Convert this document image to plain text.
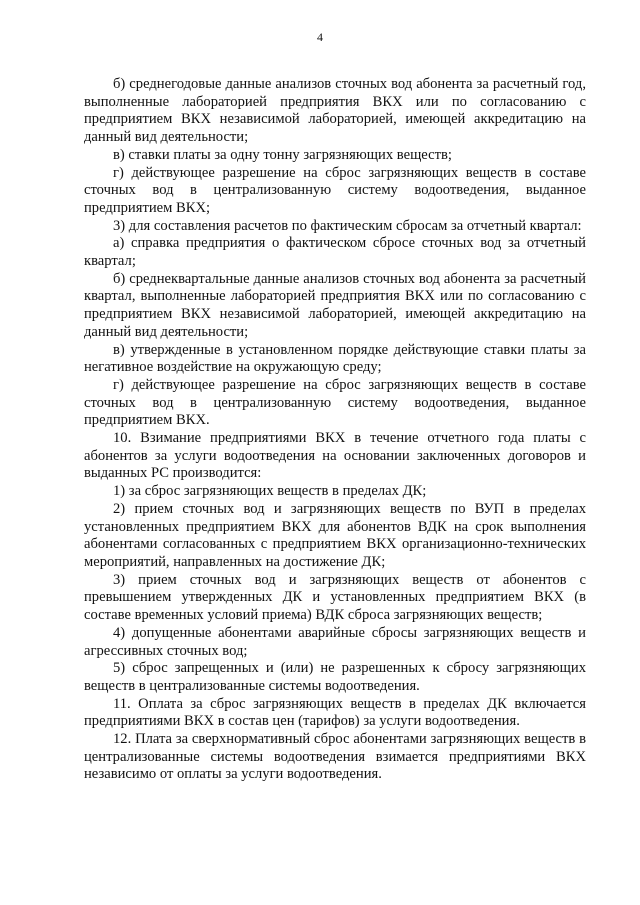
4

б) среднегодовые данные анализов сточных вод абонента за расчетный год, выполненные лабораторией предприятия ВКХ или по согласованию с предприятием ВКХ независимой лабораторией, имеющей аккредитацию на данный вид деятельности;

в) ставки платы за одну тонну загрязняющих веществ;

г) действующее разрешение на сброс загрязняющих веществ в составе сточных вод в централизованную систему водоотведения, выданное предприятием ВКХ;

3) для составления расчетов по фактическим сбросам за отчетный квартал:

а) справка предприятия о фактическом сбросе сточных вод за отчетный квартал;

б) среднеквартальные данные анализов сточных вод абонента за расчетный квартал, выполненные лабораторией предприятия ВКХ или по согласованию с предприятием ВКХ независимой лабораторией, имеющей аккредитацию на данный вид деятельности;

в) утвержденные в установленном порядке действующие ставки платы за негативное воздействие на окружающую среду;

г) действующее разрешение на сброс загрязняющих веществ в составе сточных вод в централизованную систему водоотведения, выданное предприятием ВКХ.

10. Взимание предприятиями ВКХ в течение отчетного года платы с абонентов за услуги водоотведения на основании заключенных договоров и выданных РС производится:

1) за сброс загрязняющих веществ в пределах ДК;

2) прием сточных вод и загрязняющих веществ по ВУП в пределах установленных предприятием ВКХ для абонентов ВДК на срок выполнения абонентами согласованных с предприятием ВКХ организационно-технических мероприятий, направленных на достижение ДК;

3) прием сточных вод и загрязняющих веществ от абонентов с превышением утвержденных ДК и установленных предприятием ВКХ (в составе временных условий приема) ВДК сброса загрязняющих веществ;

4) допущенные абонентами аварийные сбросы загрязняющих веществ и агрессивных сточных вод;

5) сброс запрещенных и (или) не разрешенных к сбросу загрязняющих веществ в централизованные системы водоотведения.

11. Оплата за сброс загрязняющих веществ в пределах ДК включается предприятиями ВКХ в состав цен (тарифов) за услуги водоотведения.

12. Плата за сверхнормативный сброс абонентами загрязняющих веществ в централизованные системы водоотведения взимается предприятиями ВКХ независимо от оплаты за услуги водоотведения.
